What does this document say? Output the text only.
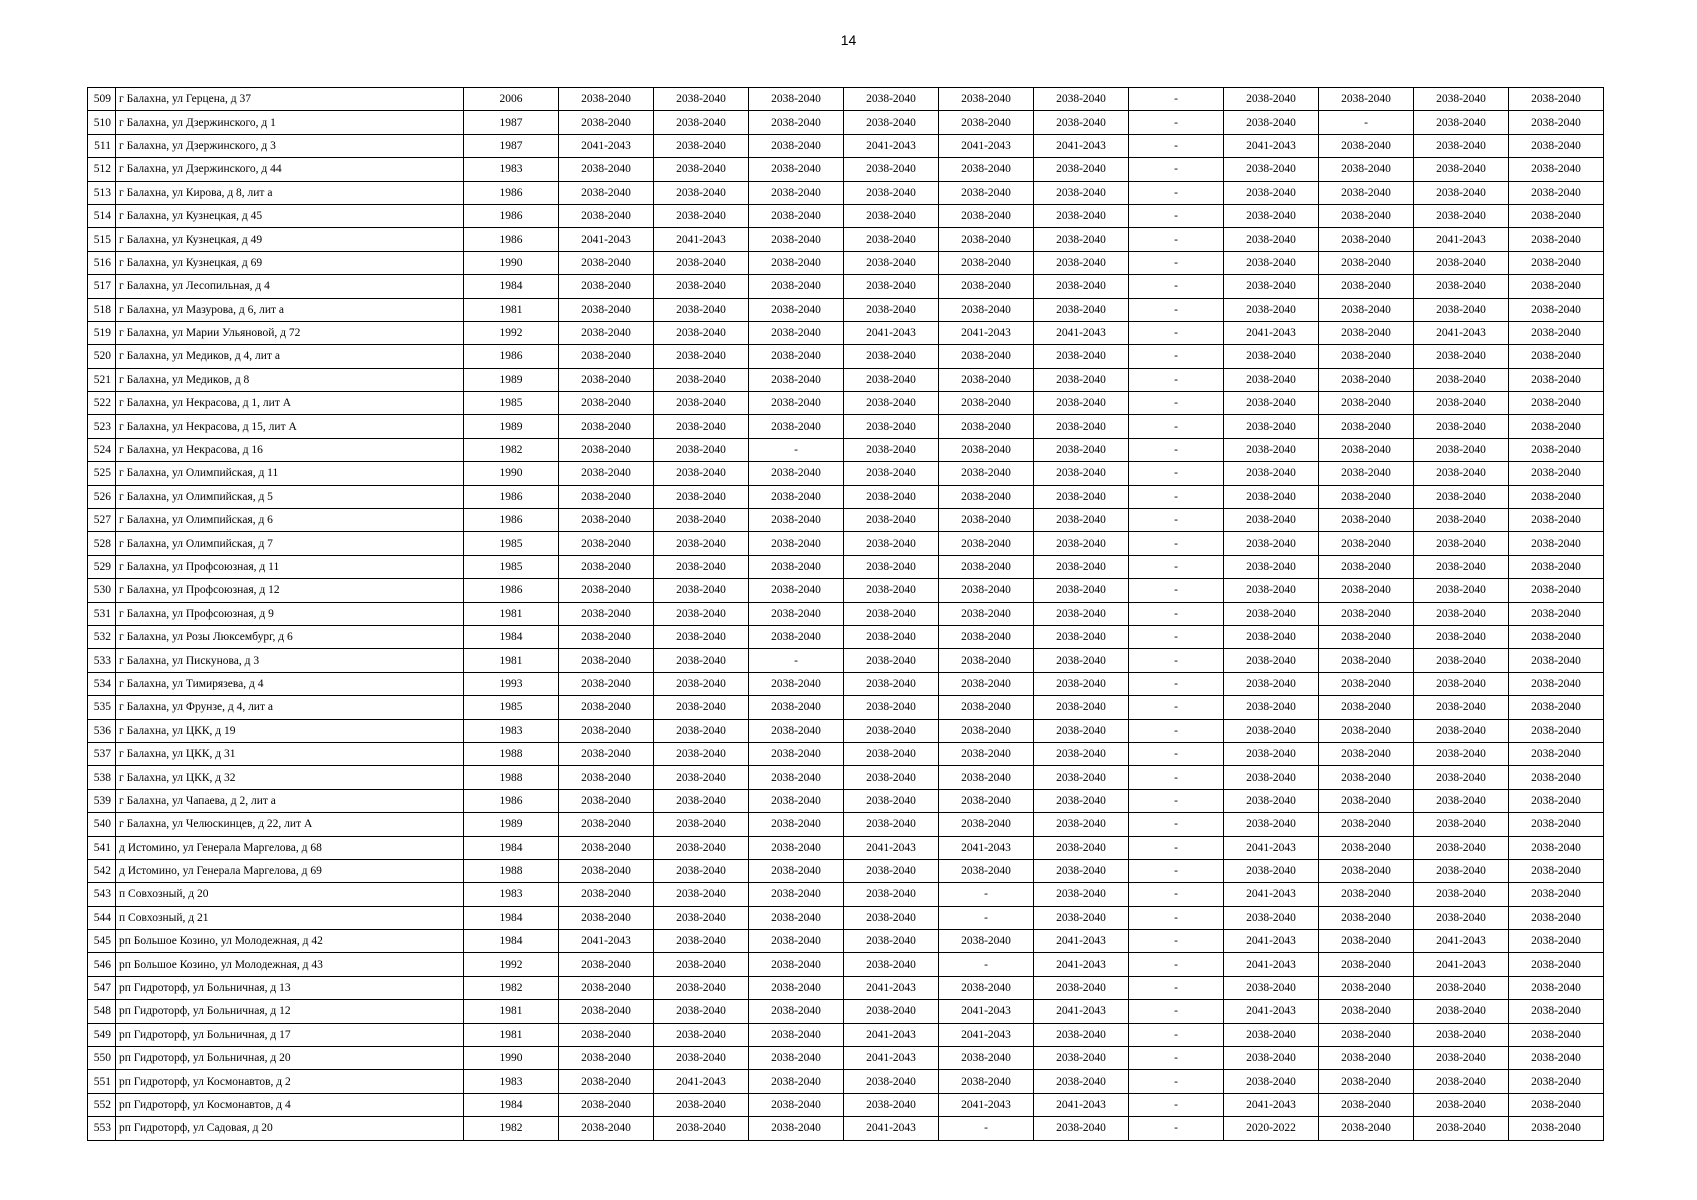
14
509	г Балахна, ул Герцена, д 37	2006	2038-2040	2038-2040	2038-2040	2038-2040	2038-2040	2038-2040	-	2038-2040	2038-2040	2038-2040	2038-2040
510	г Балахна, ул Дзержинского, д 1	1987	2038-2040	2038-2040	2038-2040	2038-2040	2038-2040	2038-2040	-	2038-2040	-	2038-2040	2038-2040
511	г Балахна, ул Дзержинского, д 3	1987	2041-2043	2038-2040	2038-2040	2041-2043	2041-2043	2041-2043	-	2041-2043	2038-2040	2038-2040	2038-2040
512	г Балахна, ул Дзержинского, д 44	1983	2038-2040	2038-2040	2038-2040	2038-2040	2038-2040	2038-2040	-	2038-2040	2038-2040	2038-2040	2038-2040
513	г Балахна, ул Кирова, д 8, лит а	1986	2038-2040	2038-2040	2038-2040	2038-2040	2038-2040	2038-2040	-	2038-2040	2038-2040	2038-2040	2038-2040
514	г Балахна, ул Кузнецкая, д 45	1986	2038-2040	2038-2040	2038-2040	2038-2040	2038-2040	2038-2040	-	2038-2040	2038-2040	2038-2040	2038-2040
515	г Балахна, ул Кузнецкая, д 49	1986	2041-2043	2041-2043	2038-2040	2038-2040	2038-2040	2038-2040	-	2038-2040	2038-2040	2041-2043	2038-2040
516	г Балахна, ул Кузнецкая, д 69	1990	2038-2040	2038-2040	2038-2040	2038-2040	2038-2040	2038-2040	-	2038-2040	2038-2040	2038-2040	2038-2040
517	г Балахна, ул Лесопильная, д 4	1984	2038-2040	2038-2040	2038-2040	2038-2040	2038-2040	2038-2040	-	2038-2040	2038-2040	2038-2040	2038-2040
518	г Балахна, ул Мазурова, д 6, лит а	1981	2038-2040	2038-2040	2038-2040	2038-2040	2038-2040	2038-2040	-	2038-2040	2038-2040	2038-2040	2038-2040
519	г Балахна, ул Марии Ульяновой, д 72	1992	2038-2040	2038-2040	2038-2040	2041-2043	2041-2043	2041-2043	-	2041-2043	2038-2040	2041-2043	2038-2040
520	г Балахна, ул Медиков, д 4, лит а	1986	2038-2040	2038-2040	2038-2040	2038-2040	2038-2040	2038-2040	-	2038-2040	2038-2040	2038-2040	2038-2040
521	г Балахна, ул Медиков, д 8	1989	2038-2040	2038-2040	2038-2040	2038-2040	2038-2040	2038-2040	-	2038-2040	2038-2040	2038-2040	2038-2040
522	г Балахна, ул Некрасова, д 1, лит А	1985	2038-2040	2038-2040	2038-2040	2038-2040	2038-2040	2038-2040	-	2038-2040	2038-2040	2038-2040	2038-2040
523	г Балахна, ул Некрасова, д 15, лит А	1989	2038-2040	2038-2040	2038-2040	2038-2040	2038-2040	2038-2040	-	2038-2040	2038-2040	2038-2040	2038-2040
524	г Балахна, ул Некрасова, д 16	1982	2038-2040	2038-2040	-	2038-2040	2038-2040	2038-2040	-	2038-2040	2038-2040	2038-2040	2038-2040
525	г Балахна, ул Олимпийская, д 11	1990	2038-2040	2038-2040	2038-2040	2038-2040	2038-2040	2038-2040	-	2038-2040	2038-2040	2038-2040	2038-2040
526	г Балахна, ул Олимпийская, д 5	1986	2038-2040	2038-2040	2038-2040	2038-2040	2038-2040	2038-2040	-	2038-2040	2038-2040	2038-2040	2038-2040
527	г Балахна, ул Олимпийская, д 6	1986	2038-2040	2038-2040	2038-2040	2038-2040	2038-2040	2038-2040	-	2038-2040	2038-2040	2038-2040	2038-2040
528	г Балахна, ул Олимпийская, д 7	1985	2038-2040	2038-2040	2038-2040	2038-2040	2038-2040	2038-2040	-	2038-2040	2038-2040	2038-2040	2038-2040
529	г Балахна, ул Профсоюзная, д 11	1985	2038-2040	2038-2040	2038-2040	2038-2040	2038-2040	2038-2040	-	2038-2040	2038-2040	2038-2040	2038-2040
530	г Балахна, ул Профсоюзная, д 12	1986	2038-2040	2038-2040	2038-2040	2038-2040	2038-2040	2038-2040	-	2038-2040	2038-2040	2038-2040	2038-2040
531	г Балахна, ул Профсоюзная, д 9	1981	2038-2040	2038-2040	2038-2040	2038-2040	2038-2040	2038-2040	-	2038-2040	2038-2040	2038-2040	2038-2040
532	г Балахна, ул Розы Люксембург, д 6	1984	2038-2040	2038-2040	2038-2040	2038-2040	2038-2040	2038-2040	-	2038-2040	2038-2040	2038-2040	2038-2040
533	г Балахна, ул Пискунова, д 3	1981	2038-2040	2038-2040	-	2038-2040	2038-2040	2038-2040	-	2038-2040	2038-2040	2038-2040	2038-2040
534	г Балахна, ул Тимирязева, д 4	1993	2038-2040	2038-2040	2038-2040	2038-2040	2038-2040	2038-2040	-	2038-2040	2038-2040	2038-2040	2038-2040
535	г Балахна, ул Фрунзе, д 4, лит а	1985	2038-2040	2038-2040	2038-2040	2038-2040	2038-2040	2038-2040	-	2038-2040	2038-2040	2038-2040	2038-2040
536	г Балахна, ул ЦКК, д 19	1983	2038-2040	2038-2040	2038-2040	2038-2040	2038-2040	2038-2040	-	2038-2040	2038-2040	2038-2040	2038-2040
537	г Балахна, ул ЦКК, д 31	1988	2038-2040	2038-2040	2038-2040	2038-2040	2038-2040	2038-2040	-	2038-2040	2038-2040	2038-2040	2038-2040
538	г Балахна, ул ЦКК, д 32	1988	2038-2040	2038-2040	2038-2040	2038-2040	2038-2040	2038-2040	-	2038-2040	2038-2040	2038-2040	2038-2040
539	г Балахна, ул Чапаева, д 2, лит а	1986	2038-2040	2038-2040	2038-2040	2038-2040	2038-2040	2038-2040	-	2038-2040	2038-2040	2038-2040	2038-2040
540	г Балахна, ул Челюскинцев, д 22, лит А	1989	2038-2040	2038-2040	2038-2040	2038-2040	2038-2040	2038-2040	-	2038-2040	2038-2040	2038-2040	2038-2040
541	д Истомино, ул Генерала Маргелова, д 68	1984	2038-2040	2038-2040	2038-2040	2041-2043	2041-2043	2038-2040	-	2041-2043	2038-2040	2038-2040	2038-2040
542	д Истомино, ул Генерала Маргелова, д 69	1988	2038-2040	2038-2040	2038-2040	2038-2040	2038-2040	2038-2040	-	2038-2040	2038-2040	2038-2040	2038-2040
543	п Совхозный, д 20	1983	2038-2040	2038-2040	2038-2040	2038-2040	-	2038-2040	-	2041-2043	2038-2040	2038-2040	2038-2040
544	п Совхозный, д 21	1984	2038-2040	2038-2040	2038-2040	2038-2040	-	2038-2040	-	2038-2040	2038-2040	2038-2040	2038-2040
545	рп Большое Козино, ул Молодежная, д 42	1984	2041-2043	2038-2040	2038-2040	2038-2040	2038-2040	2041-2043	-	2041-2043	2038-2040	2041-2043	2038-2040
546	рп Большое Козино, ул Молодежная, д 43	1992	2038-2040	2038-2040	2038-2040	2038-2040	-	2041-2043	-	2041-2043	2038-2040	2041-2043	2038-2040
547	рп Гидроторф, ул Больничная, д 13	1982	2038-2040	2038-2040	2038-2040	2041-2043	2038-2040	2038-2040	-	2038-2040	2038-2040	2038-2040	2038-2040
548	рп Гидроторф, ул Больничная, д 12	1981	2038-2040	2038-2040	2038-2040	2038-2040	2041-2043	2041-2043	-	2041-2043	2038-2040	2038-2040	2038-2040
549	рп Гидроторф, ул Больничная, д 17	1981	2038-2040	2038-2040	2038-2040	2041-2043	2041-2043	2038-2040	-	2038-2040	2038-2040	2038-2040	2038-2040
550	рп Гидроторф, ул Больничная, д 20	1990	2038-2040	2038-2040	2038-2040	2041-2043	2038-2040	2038-2040	-	2038-2040	2038-2040	2038-2040	2038-2040
551	рп Гидроторф, ул Космонавтов, д 2	1983	2038-2040	2041-2043	2038-2040	2038-2040	2038-2040	2038-2040	-	2038-2040	2038-2040	2038-2040	2038-2040
552	рп Гидроторф, ул Космонавтов, д 4	1984	2038-2040	2038-2040	2038-2040	2038-2040	2041-2043	2041-2043	-	2041-2043	2038-2040	2038-2040	2038-2040
553	рп Гидроторф, ул Садовая, д 20	1982	2038-2040	2038-2040	2038-2040	2041-2043	-	2038-2040	-	2020-2022	2038-2040	2038-2040	2038-2040
